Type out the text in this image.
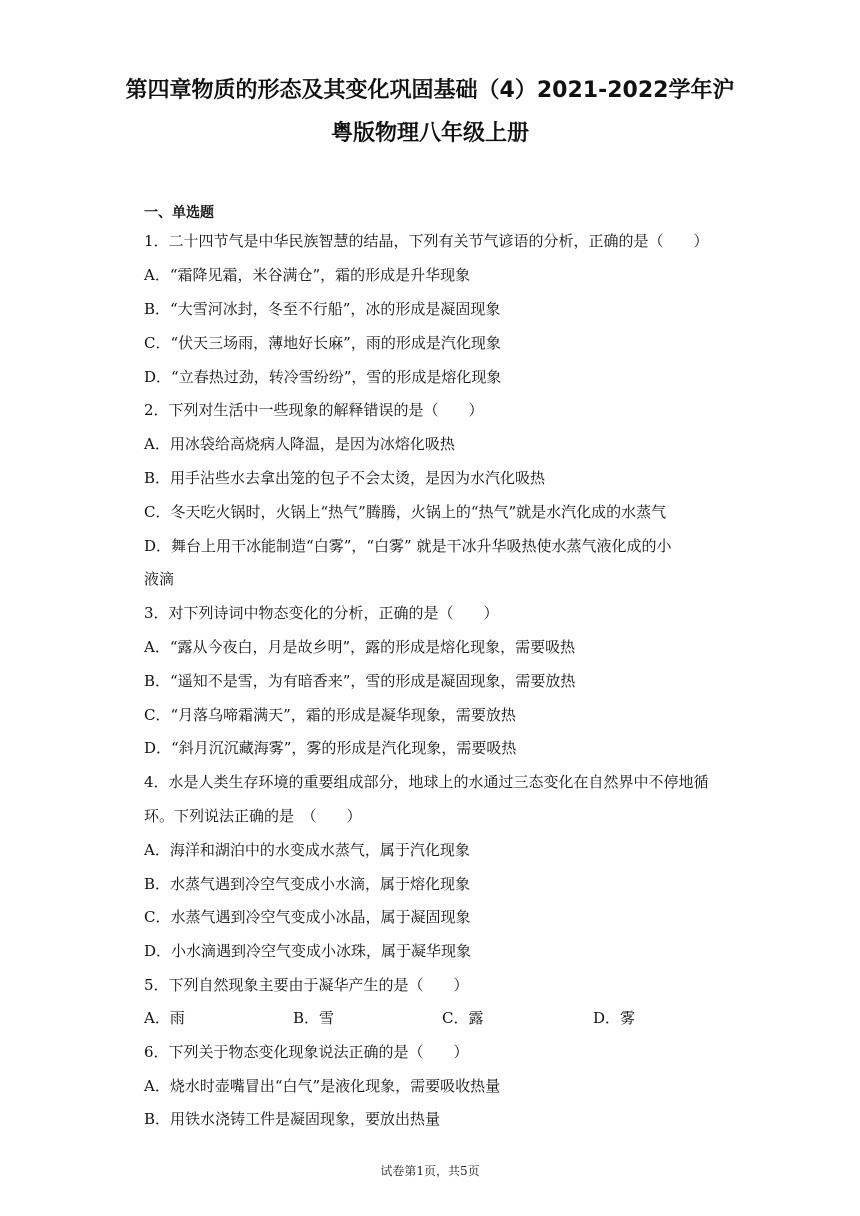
第四章物质的形态及其变化巩固基础（4）2021-2022学年沪
粤版物理八年级上册
一、单选题
1．二十四节气是中华民族智慧的结晶，下列有关节气谚语的分析，正确的是（　　）
A．“霜降见霜，米谷满仓”，霜的形成是升华现象
B．“大雪河冰封，冬至不行船”，冰的形成是凝固现象
C．“伏天三场雨，薄地好长麻”，雨的形成是汽化现象
D．“立春热过劲，转冷雪纷纷”，雪的形成是熔化现象
2．下列对生活中一些现象的解释错误的是（　　）
A．用冰袋给高烧病人降温，是因为冰熔化吸热
B．用手沾些水去拿出笼的包子不会太烫，是因为水汽化吸热
C．冬天吃火锅时，火锅上“热气”腾腾，火锅上的“热气”就是水汽化成的水蒸气
D．舞台上用干冰能制造“白雾”，“白雾” 就是干冰升华吸热使水蒸气液化成的小
液滴
3．对下列诗词中物态变化的分析，正确的是（　　）
A．“露从今夜白，月是故乡明”，露的形成是熔化现象，需要吸热
B．“遥知不是雪，为有暗香来”，雪的形成是凝固现象，需要放热
C．“月落乌啼霜满天”，霜的形成是凝华现象，需要放热
D．“斜月沉沉藏海雾”，雾的形成是汽化现象，需要吸热
4．水是人类生存环境的重要组成部分，地球上的水通过三态变化在自然界中不停地循
环。下列说法正确的是　（　　）
A．海洋和湖泊中的水变成水蒸气，属于汽化现象
B．水蒸气遇到冷空气变成小水滴，属于熔化现象
C．水蒸气遇到冷空气变成小冰晶，属于凝固现象
D．小水滴遇到冷空气变成小冰珠，属于凝华现象
5．下列自然现象主要由于凝华产生的是（　　）
A．雨	B．雪	C．露	D．雾
6．下列关于物态变化现象说法正确的是（　　）
A．烧水时壶嘴冒出“白气”是液化现象，需要吸收热量
B．用铁水浇铸工件是凝固现象，要放出热量
试卷第1页，共5页
